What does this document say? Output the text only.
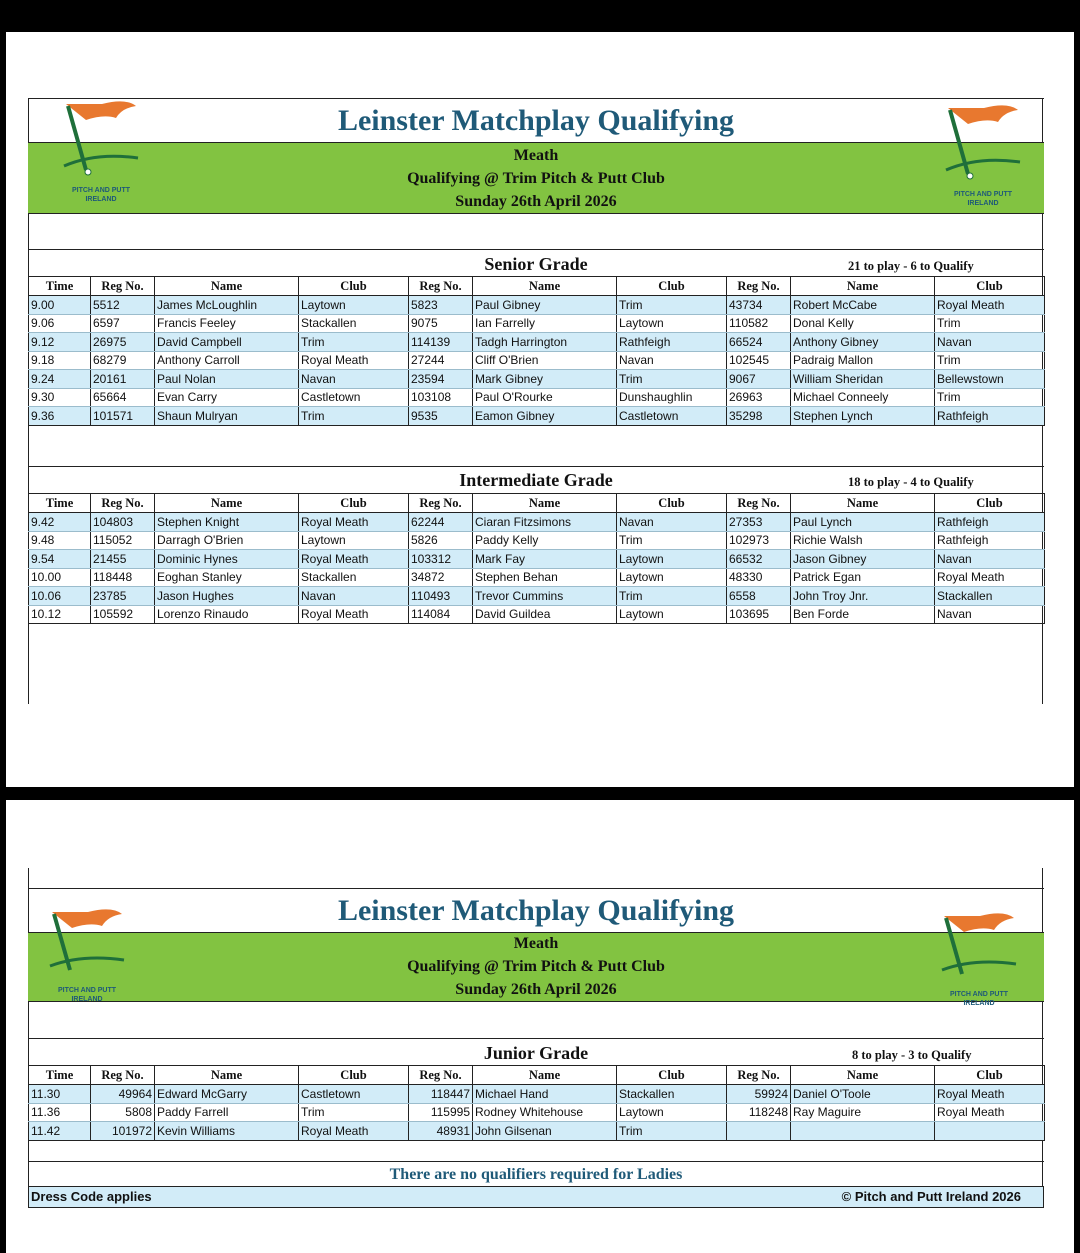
Leinster Matchplay Qualifying
Meath
Qualifying @ Trim Pitch & Putt Club
Sunday 26th April 2026
PITCH AND PUTT
IRELAND
PITCH AND PUTT
IRELAND
Senior Grade	21 to play - 6 to Qualify
Time	Reg No.	Name	Club	Reg No.	Name	Club	Reg No.	Name	Club
9.00	5512	James McLoughlin	Laytown	5823	Paul Gibney	Trim	43734	Robert McCabe	Royal Meath
9.06	6597	Francis Feeley	Stackallen	9075	Ian Farrelly	Laytown	110582	Donal Kelly	Trim
9.12	26975	David Campbell	Trim	114139	Tadgh Harrington	Rathfeigh	66524	Anthony Gibney	Navan
9.18	68279	Anthony Carroll	Royal Meath	27244	Cliff O'Brien	Navan	102545	Padraig Mallon	Trim
9.24	20161	Paul Nolan	Navan	23594	Mark Gibney	Trim	9067	William Sheridan	Bellewstown
9.30	65664	Evan Carry	Castletown	103108	Paul O'Rourke	Dunshaughlin	26963	Michael Conneely	Trim
9.36	101571	Shaun Mulryan	Trim	9535	Eamon Gibney	Castletown	35298	Stephen Lynch	Rathfeigh
Intermediate Grade	18 to play - 4 to Qualify
Time	Reg No.	Name	Club	Reg No.	Name	Club	Reg No.	Name	Club
9.42	104803	Stephen Knight	Royal Meath	62244	Ciaran Fitzsimons	Navan	27353	Paul Lynch	Rathfeigh
9.48	115052	Darragh O'Brien	Laytown	5826	Paddy Kelly	Trim	102973	Richie Walsh	Rathfeigh
9.54	21455	Dominic Hynes	Royal Meath	103312	Mark Fay	Laytown	66532	Jason Gibney	Navan
10.00	118448	Eoghan Stanley	Stackallen	34872	Stephen Behan	Laytown	48330	Patrick Egan	Royal Meath
10.06	23785	Jason Hughes	Navan	110493	Trevor Cummins	Trim	6558	John Troy Jnr.	Stackallen
10.12	105592	Lorenzo Rinaudo	Royal Meath	114084	David Guildea	Laytown	103695	Ben Forde	Navan
Leinster Matchplay Qualifying
Meath
Qualifying @ Trim Pitch & Putt Club
Sunday 26th April 2026
PITCH AND PUTT
IRELAND
PITCH AND PUTT
IRELAND
Junior Grade	8 to play - 3 to Qualify
Time	Reg No.	Name	Club	Reg No.	Name	Club	Reg No.	Name	Club
11.30	49964	Edward McGarry	Castletown	118447	Michael Hand	Stackallen	59924	Daniel O'Toole	Royal Meath
11.36	5808	Paddy Farrell	Trim	115995	Rodney Whitehouse	Laytown	118248	Ray Maguire	Royal Meath
11.42	101972	Kevin Williams	Royal Meath	48931	John Gilsenan	Trim			
There are no qualifiers required for Ladies
Dress Code applies	© Pitch and Putt Ireland 2026
